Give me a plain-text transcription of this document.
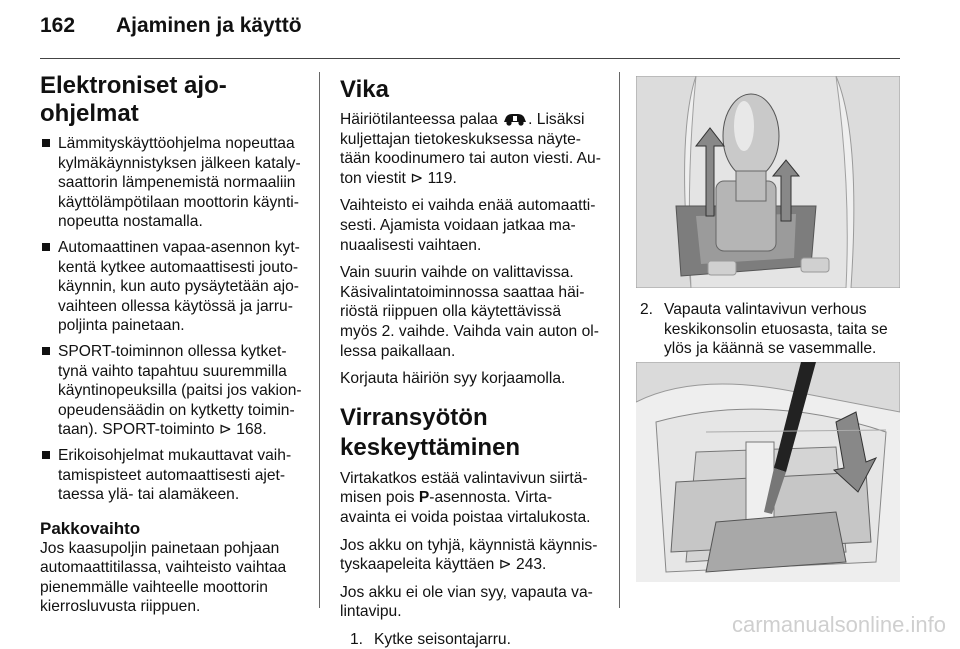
162 Ajaminen ja käyttö
Elektroniset ajo-ohjelmat
Lämmityskäyttöohjelma nopeuttaa
kylmäkäynnistyksen jälkeen kataly-
saattorin lämpenemistä normaaliin
käyttölämpötilaan moottorin käynti-
nopeutta nostamalla.
Automaattinen vapaa-asennon kyt-
kentä kytkee automaattisesti jouto-
käynnin, kun auto pysäytetään ajo-
vaihteen ollessa käytössä ja jarru-
poljinta painetaan.
SPORT-toiminnon ollessa kytket-
tynä vaihto tapahtuu suuremmilla
käyntinopeuksilla (paitsi jos vakion-
opeudensäädin on kytketty toimin-
taan). SPORT-toiminto ⊳ 168.
Erikoisohjelmat mukauttavat vaih-
tamispisteet automaattisesti ajet-
taessa ylä- tai alamäkeen.
Pakkovaihto
Jos kaasupoljin painetaan pohjaan
automaattitilassa, vaihteisto vaihtaa
pienemmälle vaihteelle moottorin
kierrosluvusta riippuen.
Vika

Häiriötilanteessa palaa . Lisäksi
kuljettajan tietokeskuksessa näyte-
tään koodinumero tai auton viesti. Au-
ton viestit ⊳ 119.

Vaihteisto ei vaihda enää automaatti-
sesti. Ajamista voidaan jatkaa ma-
nuaalisesti vaihtaen.

Vain suurin vaihde on valittavissa.
Käsivalintatoiminnossa saattaa häi-
riöstä riippuen olla käytettävissä
myös 2. vaihde. Vaihda vain auton ol-
lessa paikallaan.

Korjauta häiriön syy korjaamolla.

Virransyötön
keskeyttäminen

Virtakatkos estää valintavivun siirtä-
misen pois P-asennosta. Virta-
avainta ei voida poistaa virtalukosta.

Jos akku on tyhjä, käynnistä käynnis-
tyskaapeleita käyttäen ⊳ 243.

Jos akku ei ole vian syy, vapauta va-
lintavipu.

1. Kytke seisontajarru.
2. Vapauta valintavivun verhous
keskikonsolin etuosasta, taita se
ylös ja käännä se vasemmalle.
carmanualsonline.info
